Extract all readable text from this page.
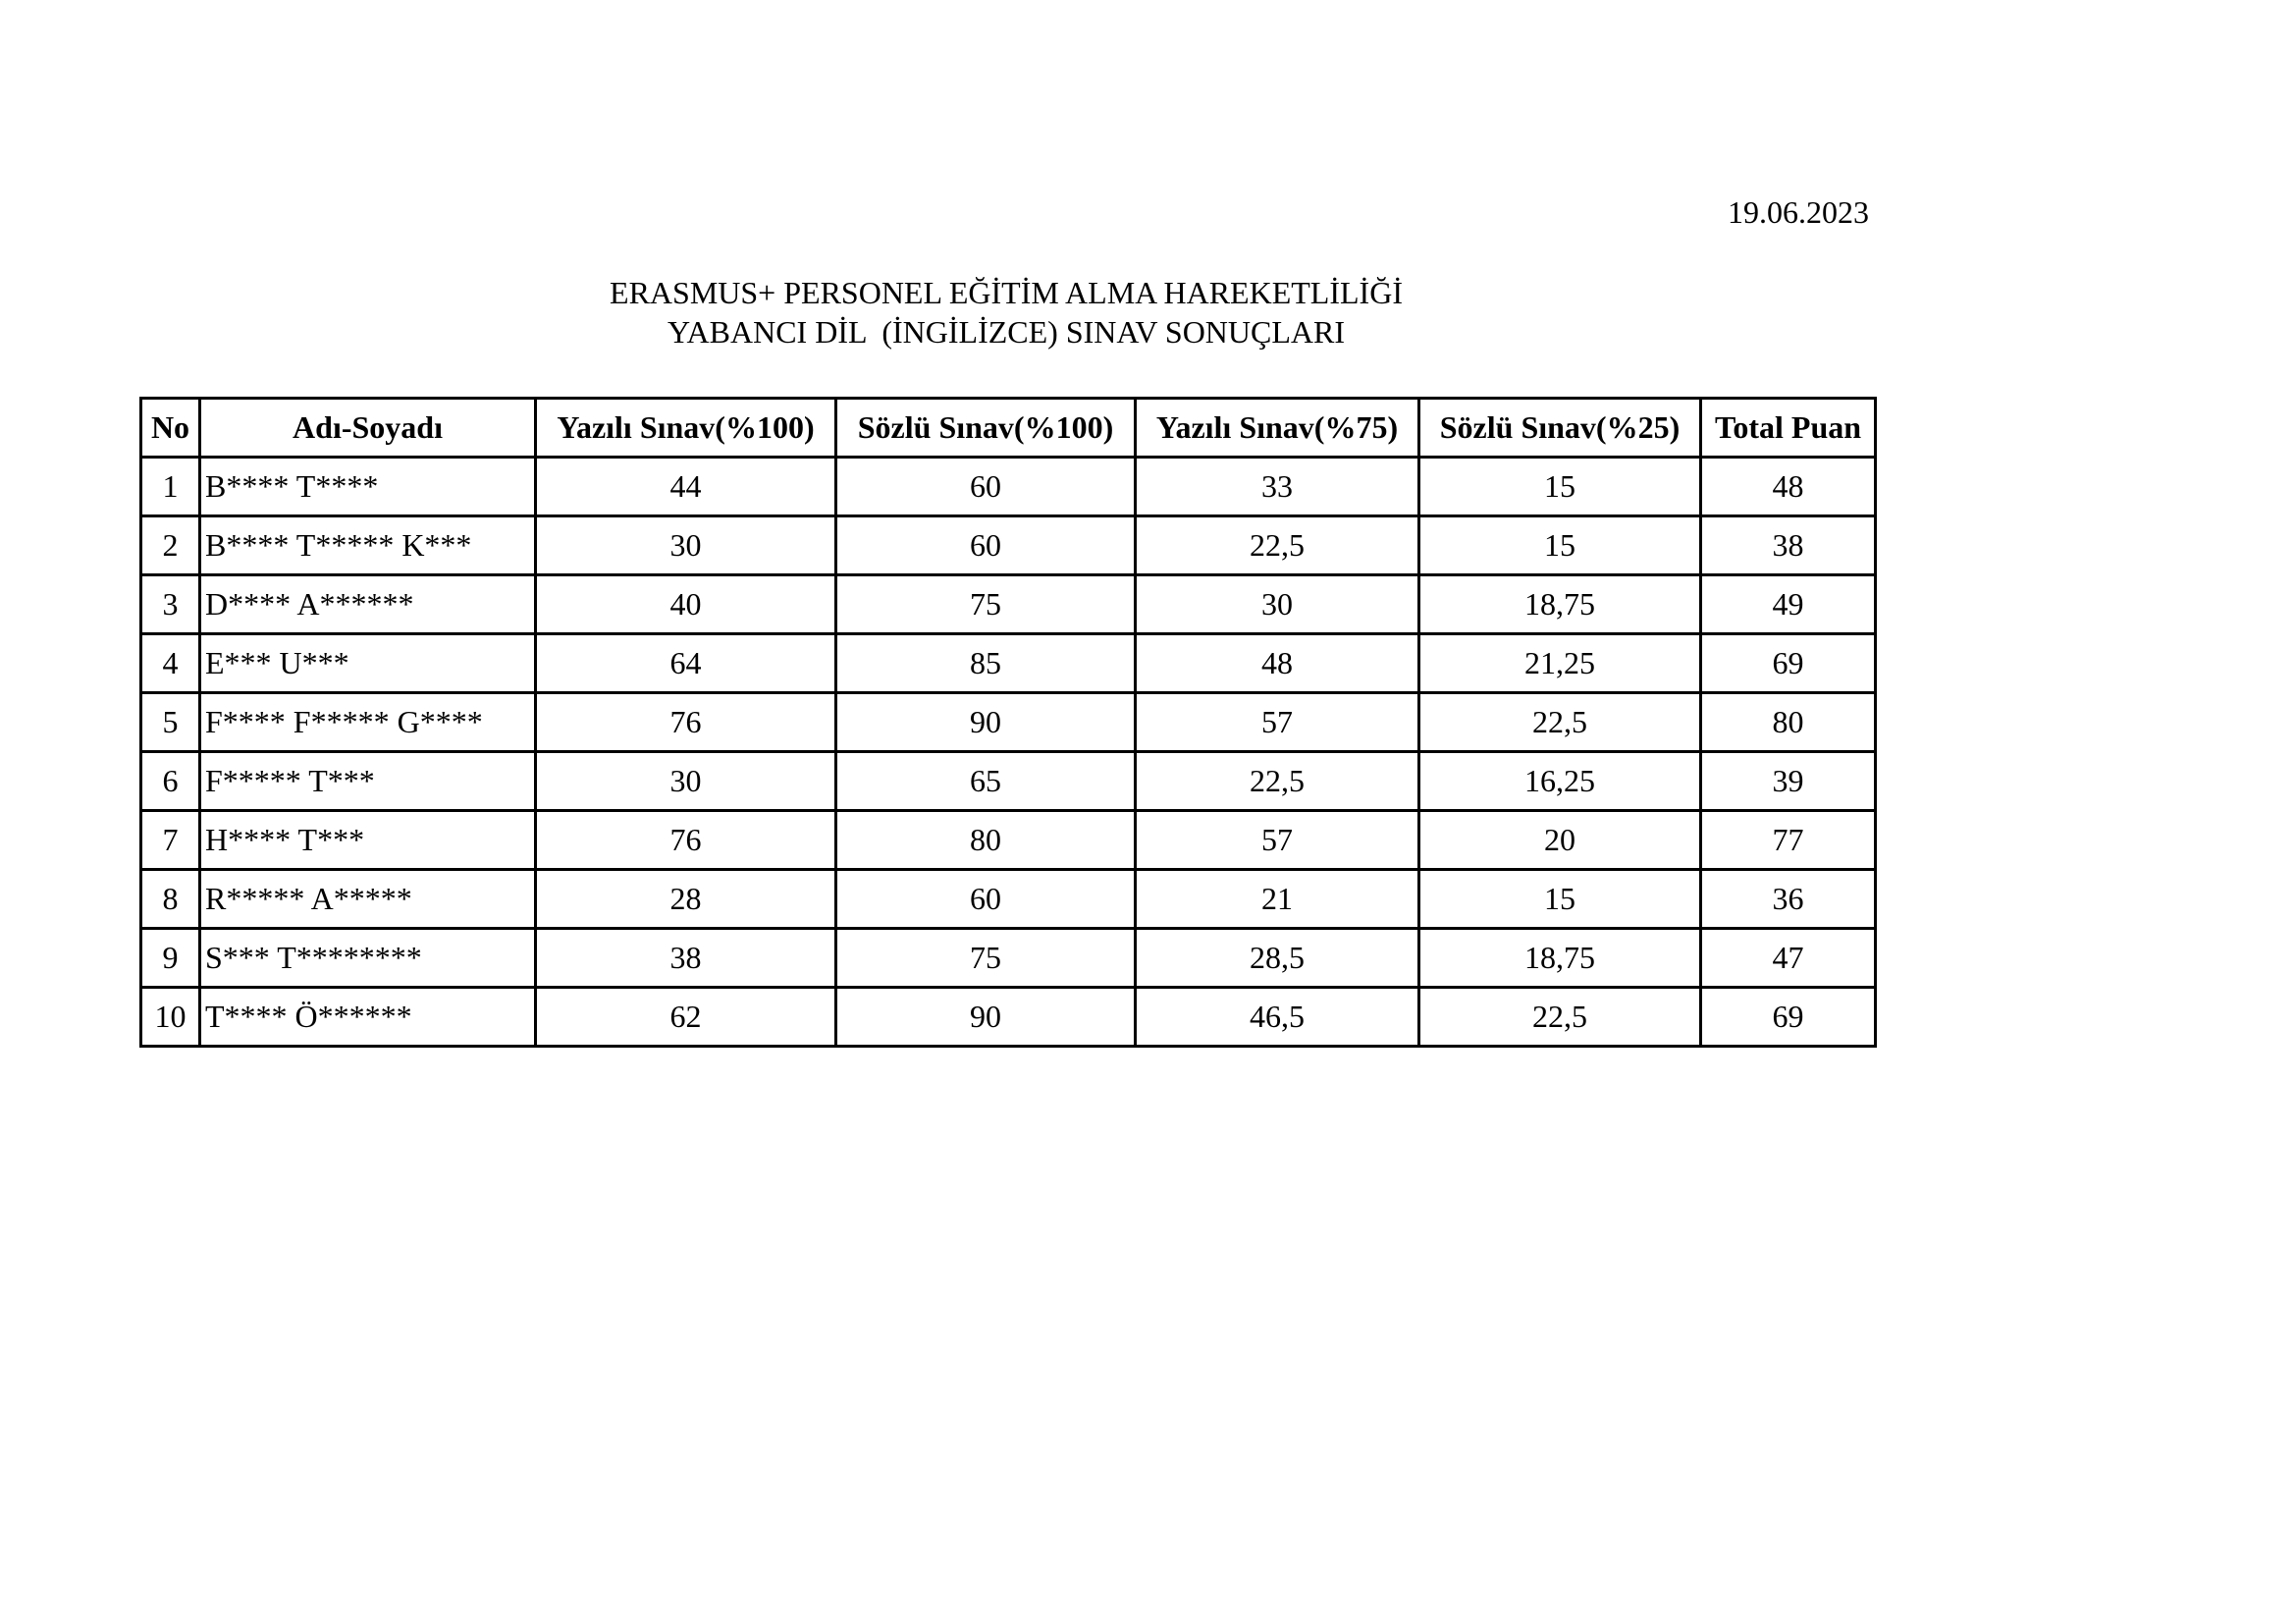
19.06.2023
ERASMUS+ PERSONEL EĞİTİM ALMA HAREKETLİLİĞİ
YABANCI DİL  (İNGİLİZCE) SINAV SONUÇLARI
No	Adı-Soyadı	Yazılı Sınav(%100)	Sözlü Sınav(%100)	Yazılı Sınav(%75)	Sözlü Sınav(%25)	Total Puan
1	B**** T****	44	60	33	15	48
2	B**** T***** K***	30	60	22,5	15	38
3	D**** A******	40	75	30	18,75	49
4	E*** U***	64	85	48	21,25	69
5	F**** F***** G****	76	90	57	22,5	80
6	F***** T***	30	65	22,5	16,25	39
7	H**** T***	76	80	57	20	77
8	R***** A*****	28	60	21	15	36
9	S*** T********	38	75	28,5	18,75	47
10	T**** Ö******	62	90	46,5	22,5	69
